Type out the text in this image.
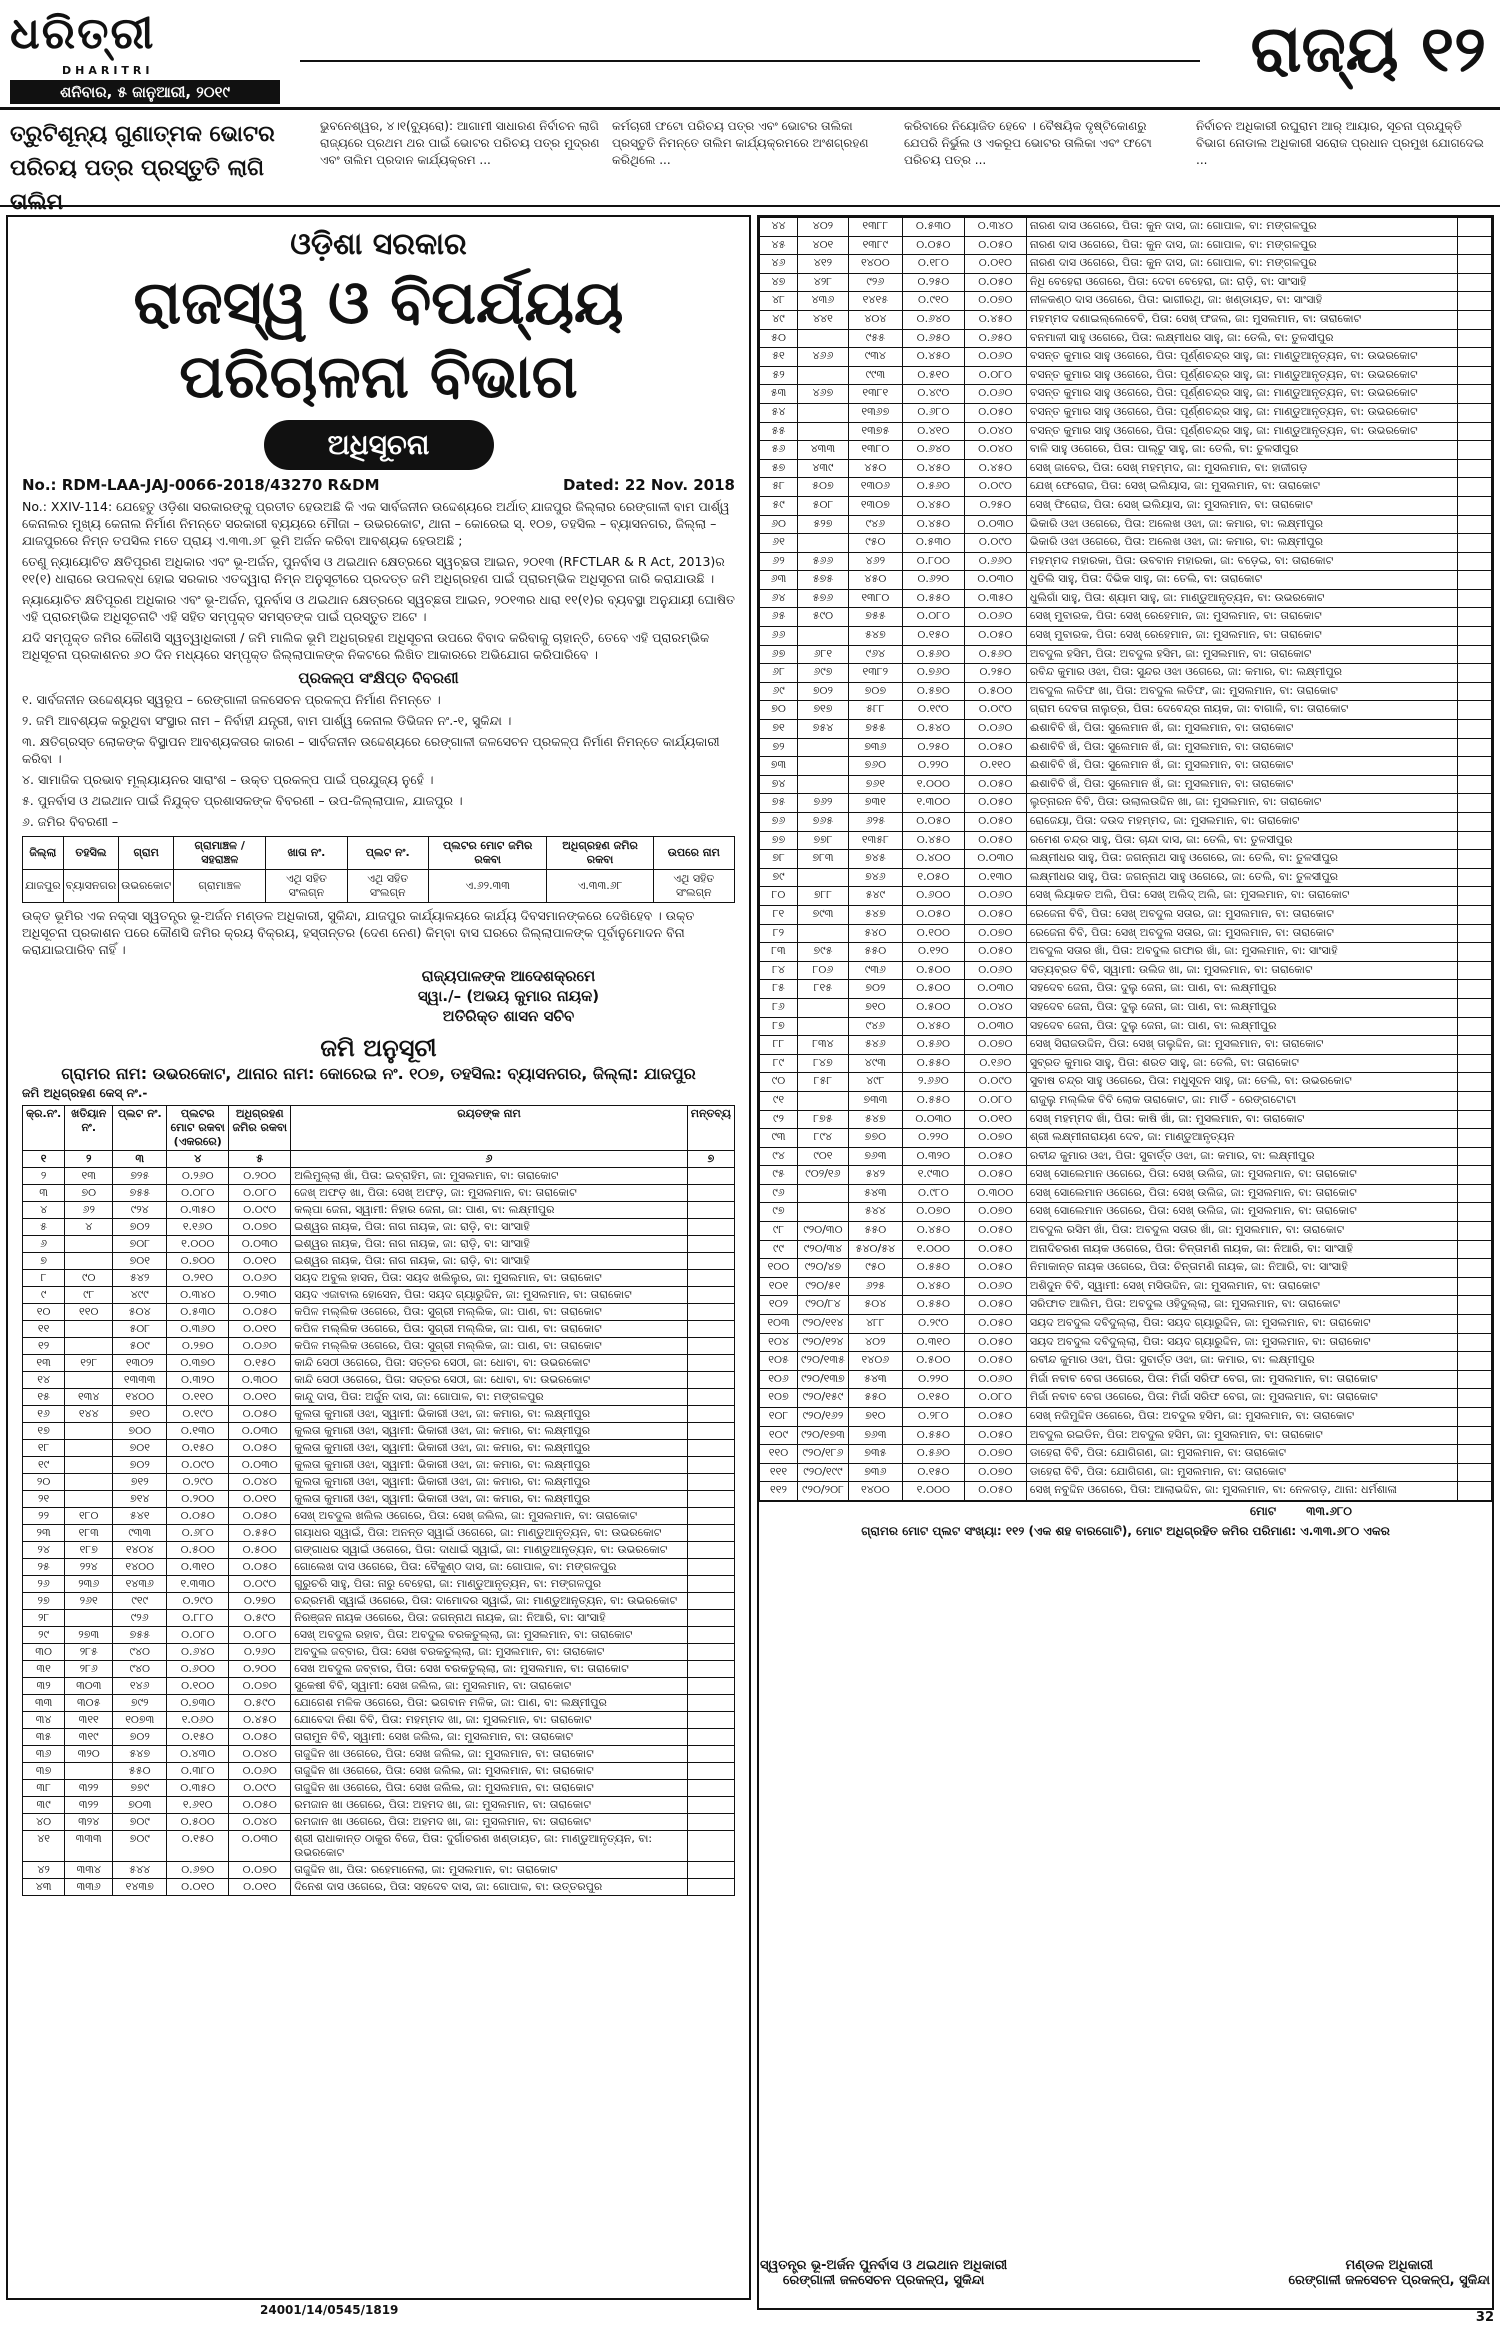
ଧରିତ୍ରୀ
DHARITRI
ଶନିବାର, ୫ ଜାନୁଆରୀ, ୨୦୧୯
ରାଜ୍ୟ ୧୨
ତ୍ରୁଟିଶୂନ୍ୟ ଗୁଣାତ୍ମକ ଭୋଟର ପରିଚୟ ପତ୍ର ପ୍ରସ୍ତୁତି ଲାଗି ତାଲିମ
ଭୁବନେଶ୍ୱର, ୪।୧(ବ୍ୟୁରୋ): ଆଗାମୀ ସାଧାରଣ ନିର୍ବାଚନ ଲାଗି ରାଜ୍ୟରେ ପ୍ରଥମ ଥର ପାଇଁ ଭୋଟର ପରିଚୟ ପତ୍ର ମୁଦ୍ରଣ ଏବଂ ତାଲିମ ପ୍ରଦାନ କାର୍ଯ୍ୟକ୍ରମ ...
କର୍ମଚାରୀ ଫଟୋ ପରିଚୟ ପତ୍ର ଏବଂ ଭୋଟର ତାଲିକା ପ୍ରସ୍ତୁତି ନିମନ୍ତେ ତାଲିମ କାର୍ଯ୍ୟକ୍ରମରେ ଅଂଶଗ୍ରହଣ କରିଥିଲେ ...
କରିବାରେ ନିୟୋଜିତ ହେବେ । ବୈଷୟିକ ଦୃଷ୍ଟିକୋଣରୁ ଯେପରି ନିର୍ଭୁଲ ଓ ଏକରୂପ ଭୋଟର ତାଲିକା ଏବଂ ଫଟୋ ପରିଚୟ ପତ୍ର ...
ନିର୍ବାଚନ ଅଧିକାରୀ ରଘୁରାମ ଆର୍ ଆୟାର, ସୂଚନା ପ୍ରଯୁକ୍ତି ବିଭାଗ ନୋଡାଲ ଅଧିକାରୀ ସରୋଜ ପ୍ରଧାନ ପ୍ରମୁଖ ଯୋଗଦେଇ ...
ଓଡ଼ିଶା ସରକାର
ରାଜସ୍ୱ ଓ ବିପର୍ଯ୍ୟୟ ପରିଚାଳନା ବିଭାଗ
ଅଧିସୂଚନା
No.: RDM-LAA-JAJ-0066-2018/43270 R&DM	Dated: 22 Nov. 2018
No.: XXIV-114: ଯେହେତୁ ଓଡ଼ିଶା ସରକାରଙ୍କୁ ପ୍ରତୀତ ହେଉଅଛି କି ଏକ ସାର୍ବଜନୀନ ଉଦ୍ଦେଶ୍ୟରେ ଅର୍ଥାତ୍ ଯାଜପୁର ଜିଲ୍ଲାର ରେଙ୍ଗାଳୀ ବାମ ପାର୍ଶ୍ୱ କେନାଲର ମୁଖ୍ୟ କେନାଲ ନିର୍ମାଣ ନିମନ୍ତେ ସରକାରୀ ବ୍ୟୟରେ ମୌଜା – ଉଭରକୋଟ, ଥାନା – କୋରେଇ ସ୍. ୧୦୭, ତହସିଲ – ବ୍ୟାସନଗର, ଜିଲ୍ଲା – ଯାଜପୁରରେ ନିମ୍ନ ତପସିଲ ମତେ ପ୍ରାୟ ଏ.୩୩.୬୮ ଭୂମି ଅର୍ଜନ କରିବା ଆବଶ୍ୟକ ହେଉଅଛି ;
ତେଣୁ ନ୍ୟାୟୋଚିତ କ୍ଷତିପୂରଣ ଅଧିକାର ଏବଂ ଭୂ-ଅର୍ଜନ, ପୁନର୍ବାସ ଓ ଥଇଥାନ କ୍ଷେତ୍ରରେ ସ୍ୱଚ୍ଛତା ଆଇନ, ୨୦୧୩ (RFCTLAR & R Act, 2013)ର ୧୧(୧) ଧାରାରେ ଉପଲବ୍ଧ ହୋଇ ସରକାର ଏତଦ୍ୱାରା ନିମ୍ନ ଅନୁସୂଚୀରେ ପ୍ରଦତ୍ତ ଜମି ଅଧିଗ୍ରହଣ ପାଇଁ ପ୍ରାରମ୍ଭିକ ଅଧିସୂଚନା ଜାରି କରାଯାଉଛି ।
ନ୍ୟାୟୋଚିତ କ୍ଷତିପୂରଣ ଅଧିକାର ଏବଂ ଭୂ-ଅର୍ଜନ, ପୁନର୍ବାସ ଓ ଥଇଥାନ କ୍ଷେତ୍ରରେ ସ୍ୱଚ୍ଛତା ଆଇନ, ୨୦୧୩ର ଧାରା ୧୧(୧)ର ବ୍ୟବସ୍ଥା ଅନୁଯାୟୀ ଘୋଷିତ ଏହି ପ୍ରାରମ୍ଭିକ ଅଧିସୂଚନାଟି ଏହି ସହିତ ସମ୍ପୃକ୍ତ ସମସ୍ତଙ୍କ ପାଇଁ ପ୍ରସ୍ତୁତ ଅଟେ ।
ଯଦି ସମ୍ପୃକ୍ତ ଜମିର କୌଣସି ସ୍ୱତ୍ୱାଧିକାରୀ / ଜମି ମାଲିକ ଭୂମି ଅଧିଗ୍ରହଣ ଅଧିସୂଚନା ଉପରେ ବିବାଦ କରିବାକୁ ଚାହାନ୍ତି, ତେବେ ଏହି ପ୍ରାରମ୍ଭିକ ଅଧିସୂଚନା ପ୍ରକାଶନର ୬୦ ଦିନ ମଧ୍ୟରେ ସମ୍ପୃକ୍ତ ଜିଲ୍ଲାପାଳଙ୍କ ନିକଟରେ ଲିଖିତ ଆକାରରେ ଅଭିଯୋଗ କରିପାରିବେ ।
ପ୍ରକଳ୍ପ ସଂକ୍ଷିପ୍ତ ବିବରଣୀ
୧. ସାର୍ବଜନୀନ ଉଦ୍ଦେଶ୍ୟର ସ୍ୱରୂପ – ରେଙ୍ଗାଳୀ ଜଳସେଚନ ପ୍ରକଳ୍ପ ନିର୍ମାଣ ନିମନ୍ତେ ।
୨. ଜମି ଆବଶ୍ୟକ କରୁଥିବା ସଂସ୍ଥାର ନାମ – ନିର୍ବାହୀ ଯନ୍ତ୍ରୀ, ବାମ ପାର୍ଶ୍ୱ କେନାଲ ଡିଭିଜନ ନଂ.-୧, ସୁକିନ୍ଦା ।
୩. କ୍ଷତିଗ୍ରସ୍ତ ଲୋକଙ୍କ ବିସ୍ଥାପନ ଆବଶ୍ୟକତାର କାରଣ – ସାର୍ବଜନୀନ ଉଦ୍ଦେଶ୍ୟରେ ରେଙ୍ଗାଳୀ ଜଳସେଚନ ପ୍ରକଳ୍ପ ନିର୍ମାଣ ନିମନ୍ତେ କାର୍ଯ୍ୟକାରୀ କରିବା ।
୪. ସାମାଜିକ ପ୍ରଭାବ ମୂଲ୍ୟାୟନର ସାରାଂଶ – ଉକ୍ତ ପ୍ରକଳ୍ପ ପାଇଁ ପ୍ରଯୁଜ୍ୟ ନୁହେଁ ।
୫. ପୁନର୍ବାସ ଓ ଥଇଥାନ ପାଇଁ ନିଯୁକ୍ତ ପ୍ରଶାସକଙ୍କ ବିବରଣୀ – ଉପ-ଜିଲ୍ଲାପାଳ, ଯାଜପୁର ।
୬. ଜମିର ବିବରଣୀ –
ଜିଲ୍ଲା	ତହସିଲ	ଗ୍ରାମ	ଗ୍ରାମାଞ୍ଚଳ / ସହରାଞ୍ଚଳ	ଖାତା ନଂ.	ପ୍ଲଟ ନଂ.	ପ୍ଲଟର ମୋଟ ଜମିର ରକବା	ଅଧିଗ୍ରହଣ ଜମିର ରକବା	ଉପରେ ନାମ
ଯାଜପୁର	ବ୍ୟାସନଗର	ଉଭରକୋଟ	ଗ୍ରାମାଞ୍ଚଳ	ଏଥି ସହିତ ସଂଲଗ୍ନ	ଏଥି ସହିତ ସଂଲଗ୍ନ	ଏ.୬୨.୩୩	ଏ.୩୩.୬୮	ଏଥି ସହିତ ସଂଲଗ୍ନ
ଉକ୍ତ ଭୂମିର ଏକ ନକ୍ସା ସ୍ୱତନ୍ତ୍ର ଭୂ-ଅର୍ଜନ ମଣ୍ଡଳ ଅଧିକାରୀ, ସୁକିନ୍ଦା, ଯାଜପୁର କାର୍ଯ୍ୟାଳୟରେ କାର୍ଯ୍ୟ ଦିବସମାନଙ୍କରେ ଦେଖିହେବ । ଉକ୍ତ ଅଧିସୂଚନା ପ୍ରକାଶନ ପରେ କୌଣସି ଜମିର କ୍ରୟ ବିକ୍ରୟ, ହସ୍ତାନ୍ତର (ଦେଣ ନେଣ) କିମ୍ବା ବାସ ଘରରେ ଜିଲ୍ଲାପାଳଙ୍କ ପୂର୍ବାନୁମୋଦନ ବିନା କରାଯାଇପାରିବ ନାହିଁ ।
ରାଜ୍ୟପାଳଙ୍କ ଆଦେଶକ୍ରମେ
ସ୍ୱା./– (ଅଭୟ କୁମାର ନାୟକ)
ଅତିରିକ୍ତ ଶାସନ ସଚିବ
ଜମି ଅନୁସୂଚୀ
ଗ୍ରାମର ନାମ: ଉଭରକୋଟ, ଥାନାର ନାମ: କୋରେଇ ନଂ. ୧୦୭, ତହସିଲ: ବ୍ୟାସନଗର, ଜିଲ୍ଲା: ଯାଜପୁର
ଜମି ଅଧିଗ୍ରହଣ କେସ୍ ନଂ.-
କ୍ର.ନଂ.	ଖତିୟାନ ନଂ.	ପ୍ଲଟ ନଂ.	ପ୍ଲଟର ମୋଟ ରକବା (ଏକରରେ)	ଅଧିଗ୍ରହଣ ଜମିର ରକବା	ରୟତଙ୍କ ନାମ	ମନ୍ତବ୍ୟ
୧	୨	୩	୪	୫	୬	୭
୨	୧୩	୭୨୫	୦.୨୬୦	୦.୨୦୦	ଅଲିମୁଲ୍ଲା ଖାଁ, ପିତା: ଇବ୍ରାହିମ, ଜା: ମୁସଲମାନ, ବା: ତାରାକୋଟ	
୩	୭୦	୭୫୫	୦.୦୮୦	୦.୦୮୦	ଜେଖ୍ ଅଫଡ଼ ଖା, ପିତା: ସେଖ୍ ଅଫଡ଼, ଜା: ମୁସଲମାନ, ବା: ତାରାକୋଟ	
୪	୬୨	୯୨୪	୦.୩୫୦	୦.୦୯୦	କଲ୍ପା ଜେନା, ସ୍ୱାମୀ: ନିହାର ଜେନା, ଜା: ପାଣ, ବା: ଲକ୍ଷ୍ମୀପୁର	
୫	୪	୭୦୨	୧.୧୬୦	୦.୦୭୦	ଇଶ୍ୱର ନାୟକ, ପିତା: ନାଗ ନାୟକ, ଜା: ରାଡ଼ି, ବା: ସାଂସାହି	
୬		୭୦୮	୧.୦୦୦	୦.୦୩୦	ଇଶ୍ୱର ନାୟକ, ପିତା: ନାଗ ନାୟକ, ଜା: ରାଡ଼ି, ବା: ସାଂସାହି	
୭		୭୦୧	୦.୭୦୦	୦.୦୧୦	ଇଶ୍ୱର ନାୟକ, ପିତା: ନାଗ ନାୟକ, ଜା: ରାଡ଼ି, ବା: ସାଂସାହି	
୮	୯୦	୫୪୨	୦.୨୧୦	୦.୦୬୦	ସୟଦ ଅବୁଲ ହାସନ, ପିତା: ସୟଦ ଖଲିଲୁର, ଜା: ମୁସଲମାନ, ବା: ତାରାକୋଟ	
୯	୯୮	୪୯୯	୦.୩୪୦	୦.୨୩୦	ସୟଦ ଏଜାବାଲ ହୋସେନ, ପିତା: ସୟଦ ଗ୍ୟାରୁଦ୍ଦିନ, ଜା: ମୁସଲମାନ, ବା: ତାରାକୋଟ	
୧୦	୧୧୦	୫୦୪	୦.୫୩୦	୦.୦୫୦	କପିଳ ମଲ୍ଲିକ ଓଗେରେ, ପିତା: ସୁଗ୍ରୀ ମଲ୍ଲିକ, ଜା: ପାଣ, ବା: ତାରାକୋଟ	
୧୧		୫୦୮	୦.୩୬୦	୦.୦୧୦	କପିଳ ମଲ୍ଲିକ ଓଗେରେ, ପିତା: ସୁଗ୍ରୀ ମଲ୍ଲିକ, ଜା: ପାଣ, ବା: ତାରାକୋଟ	
୧୨		୫୦୯	୦.୨୭୦	୦.୦୬୦	କପିଳ ମଲ୍ଲିକ ଓଗେରେ, ପିତା: ସୁଗ୍ରୀ ମଲ୍ଲିକ, ଜା: ପାଣ, ବା: ତାରାକୋଟ	
୧୩	୧୨୮	୧୩୦୨	୦.୩୭୦	୦.୧୫୦	କାନ୍ଦି ସେଠୀ ଓଗେରେ, ପିତା: ସତ୍ତର ସେଠୀ, ଜା: ଧୋବା, ବା: ଉଭରକୋଟ	
୧୪		୧୩୩୩	୦.୩୨୦	୦.୩୦୦	କାନ୍ଦି ସେଠୀ ଓଗେରେ, ପିତା: ସତ୍ତର ସେଠୀ, ଜା: ଧୋବା, ବା: ଉଭରକୋଟ	
୧୫	୧୩୪	୧୪୦୦	୦.୧୧୦	୦.୦୧୦	କାନ୍ଦୁ ଦାସ, ପିତା: ଅର୍ଜୁନ ଦାସ, ଜା: ଗୋପାଳ, ବା: ମଙ୍ଗଳପୁର	
୧୬	୧୪୪	୭୧୦	୦.୧୯୦	୦.୦୫୦	କୁଲତା କୁମାରୀ ଓଝା, ସ୍ୱାମୀ: ଭିକାରୀ ଓଝା, ଜା: କମାର, ବା: ଲକ୍ଷ୍ମୀପୁର	
୧୭		୭୦୦	୦.୧୩୦	୦.୦୩୦	କୁଲତା କୁମାରୀ ଓଝା, ସ୍ୱାମୀ: ଭିକାରୀ ଓଝା, ଜା: କମାର, ବା: ଲକ୍ଷ୍ମୀପୁର	
୧୮		୭୦୧	୦.୧୫୦	୦.୦୫୦	କୁଲତା କୁମାରୀ ଓଝା, ସ୍ୱାମୀ: ଭିକାରୀ ଓଝା, ଜା: କମାର, ବା: ଲକ୍ଷ୍ମୀପୁର	
୧୯		୭୦୨	୦.୦୯୦	୦.୦୩୦	କୁଲତା କୁମାରୀ ଓଝା, ସ୍ୱାମୀ: ଭିକାରୀ ଓଝା, ଜା: କମାର, ବା: ଲକ୍ଷ୍ମୀପୁର	
୨୦		୭୧୨	୦.୨୯୦	୦.୦୪୦	କୁଲତା କୁମାରୀ ଓଝା, ସ୍ୱାମୀ: ଭିକାରୀ ଓଝା, ଜା: କମାର, ବା: ଲକ୍ଷ୍ମୀପୁର	
୨୧		୭୧୪	୦.୨୦୦	୦.୦୧୦	କୁଲତା କୁମାରୀ ଓଝା, ସ୍ୱାମୀ: ଭିକାରୀ ଓଝା, ଜା: କମାର, ବା: ଲକ୍ଷ୍ମୀପୁର	
୨୨	୧୮୦	୫୪୧	୦.୦୫୦	୦.୦୫୦	ସେଖ୍ ଅବଦୁଲ ଖଲିଲ ଓଗେରେ, ପିତା: ସେଖ୍ ଜଲିଲ, ଜା: ମୁସଲମାନ, ବା: ତାରାକୋଟ	
୨୩	୧୮୩	୯୩୩	୦.୬୮୦	୦.୫୫୦	ଗୟାଧର ସ୍ୱାଇଁ, ପିତା: ଅନନ୍ତ ସ୍ୱାଇଁ ଓଗେରେ, ଜା: ମାଣ୍ଡୁଆନୃତ୍ୟନ, ବା: ଉଭରକୋଟ	
୨୪	୧୮୭	୧୪୦୪	୦.୫୦୦	୦.୫୦୦	ଗଙ୍ଗାଧର ସ୍ୱାଇଁ ଓଗେରେ, ପିତା: ଦାଧାଇଁ ସ୍ୱାଇଁ, ଜା: ମାଣ୍ଡୁଆନୃତ୍ୟନ, ବା: ଉଭରକୋଟ	
୨୫	୨୨୪	୧୪୦୦	୦.୩୧୦	୦.୦୫୦	ଗୋଲେଖ ଦାସ ଓଗେରେ, ପିତା: ବୈକୁଣ୍ଠ ଦାସ, ଜା: ଗୋପାଳ, ବା: ମଙ୍ଗଳପୁର	
୨୬	୨୩୬	୧୪୩୬	୧.୩୩୦	୦.୦୯୦	ଗୁରୁଚରି ସାହୁ, ପିତା: ନାରୁ ବେହେରା, ଜା: ମାଣ୍ଡୁଆନୃତ୍ୟନ, ବା: ମଙ୍ଗଳପୁର	
୨୭	୨୬୧	୯୧୯	୦.୨୯୦	୦.୨୭୦	ଚନ୍ଦ୍ରମଣି ସ୍ୱାଇଁ ଓଗେରେ, ପିତା: ଦାମୋଦର ସ୍ୱାଇଁ, ଜା: ମାଣ୍ଡୁଆନୃତ୍ୟନ, ବା: ଉଭରକୋଟ	
୨୮		୯୨୬	୦.୮୮୦	୦.୫୯୦	ନିରଞ୍ଜନ ନାୟକ ଓଗେରେ, ପିତା: ଜଗନ୍ନାଥ ନାୟକ, ଜା: ନିଆରି, ବା: ସାଂସାହି	
୨୯	୨୭୩	୭୫୫	୦.୦୮୦	୦.୦୮୦	ସେଖ୍ ଅବଦୁଲ ରହାବ, ପିତା: ଅବଦୁଲ ବରକତୁଲ୍ଲା, ଜା: ମୁସଲମାନ, ବା: ତାରାକୋଟ	
୩୦	୨୮୫	୯୪୦	୦.୬୪୦	୦.୨୬୦	ଅବଦୁଲ ଜବ୍ବାର, ପିତା: ସେଖ ବରକତୁଲ୍ଲା, ଜା: ମୁସଲମାନ, ବା: ତାରାକୋଟ	
୩୧	୨୮୬	୯୪୦	୦.୬୦୦	୦.୨୦୦	ସେଖ ଅବଦୁଲ ଜବ୍ବାର, ପିତା: ସେଖ ବରକତୁଲ୍ଲା, ଜା: ମୁସଲମାନ, ବା: ତାରାକୋଟ	
୩୨	୩୦୩	୧୪୬	୦.୧୦୦	୦.୦୭୦	ସୁକେଷୀ ବିବି, ସ୍ୱାମୀ: ସେଖ ଜଲିଲ, ଜା: ମୁସଲମାନ, ବା: ତାରାକୋଟ	
୩୩	୩୦୫	୭୯୨	୦.୭୩୦	୦.୫୯୦	ଯୋଗେଶ ମଳିକ ଓଗେରେ, ପିତା: ଭଗବାନ ମଳିକ, ଜା: ପାଣ, ବା: ଲକ୍ଷ୍ମୀପୁର	
୩୪	୩୧୧	୧୦୭୩	୧.୦୬୦	୦.୪୫୦	ଯୋବେଦା ନିଶା ବିବି, ପିତା: ମହମ୍ମଦ ଖା, ଜା: ମୁସଲମାନ, ବା: ତାରାକୋଟ	
୩୫	୩୧୯	୭୦୨	୦.୧୫୦	୦.୦୫୦	ତାରାମୁନ ବିବି, ସ୍ୱାମୀ: ସେଖ ଜଲିଲ, ଜା: ମୁସଲମାନ, ବା: ତାରାକୋଟ	
୩୬	୩୨୦	୫୪୭	୦.୪୩୦	୦.୦୪୦	ତାଜୁଦ୍ଦିନ ଖା ଓଗେରେ, ପିତା: ସେଖ ଜଲିଲ, ଜା: ମୁସଲମାନ, ବା: ତାରାକୋଟ	
୩୭		୫୫୦	୦.୩୮୦	୦.୦୬୦	ତାଜୁଦ୍ଦିନ ଖା ଓଗେରେ, ପିତା: ସେଖ ଜଲିଲ, ଜା: ମୁସଲମାନ, ବା: ତାରାକୋଟ	
୩୮	୩୨୨	୭୭୯	୦.୩୫୦	୦.୦୯୦	ତାଜୁଦ୍ଦିନ ଖା ଓଗେରେ, ପିତା: ସେଖ ଜଲିଲ, ଜା: ମୁସଲମାନ, ବା: ତାରାକୋଟ	
୩୯	୩୨୨	୭୦୩	୧.୬୧୦	୦.୦୫୦	ରମଜାନ ଖା ଓଗେରେ, ପିତା: ଅହମଦ ଖା, ଜା: ମୁସଲମାନ, ବା: ତାରାକୋଟ	
୪୦	୩୨୪	୭୦୯	୦.୫୦୦	୦.୦୪୦	ରମଜାନ ଖା ଓଗେରେ, ପିତା: ଅହମଦ ଖା, ଜା: ମୁସଲମାନ, ବା: ତାରାକୋଟ	
୪୧	୩୩୩	୭୦୯	୦.୧୫୦	୦.୦୩୦	ଶ୍ରୀ ରାଧାକାନ୍ତ ଠାକୁର ବିଜେ, ପିତା: ଦୁର୍ଗାଚରଣ ଖଣ୍ଡାୟତ, ଜା: ମାଣ୍ଡୁଆନୃତ୍ୟନ, ବା: ଉଭରକୋଟ	
୪୨	୩୩୪	୫୪୪	୦.୬୭୦	୦.୦୭୦	ତାଜୁଦ୍ଦିନ ଖା, ପିତା: ରହେମାନେଲା, ଜା: ମୁସଲମାନ, ବା: ତାରାକୋଟ	
୪୩	୩୩୬	୧୪୩୭	୦.୦୧୦	୦.୦୧୦	ଦିନେଶ ଦାସ ଓଗେରେ, ପିତା: ସହଦେବ ଦାସ, ଜା: ଗୋପାଳ, ବା: ଉତ୍ତରପୁର	
୪୪	୪୦୨	୧୩୮୮	୦.୫୩୦	୦.୩୪୦	ନାରଣ ଦାସ ଓଗେରେ, ପିତା: କୁନ ଦାସ, ଜା: ଗୋପାଳ, ବା: ମଙ୍ଗଳପୁର	
୪୫	୪୦୧	୧୩୮୯	୦.୦୫୦	୦.୦୫୦	ନାରଣ ଦାସ ଓଗେରେ, ପିତା: କୁନ ଦାସ, ଜା: ଗୋପାଳ, ବା: ମଙ୍ଗଳପୁର	
୪୬	୪୧୨	୧୪୦୦	୦.୧୮୦	୦.୦୧୦	ନାରଣ ଦାସ ଓଗେରେ, ପିତା: କୁନ ଦାସ, ଜା: ଗୋପାଳ, ବା: ମଙ୍ଗଳପୁର	
୪୭	୪୨୮	୯୨୬	୦.୨୫୦	୦.୦୫୦	ନିଧି ବେହେରା ଓଗେରେ, ପିତା: ଦେବା ବେହେରା, ଜା: ରାଡ଼ି, ବା: ସାଂସାହି	
୪୮	୪୩୬	୧୪୧୫	୦.୯୧୦	୦.୦୭୦	ନୀଳକଣ୍ଠ ଦାସ ଓଗେରେ, ପିତା: ଭାଗୀରଥି, ଜା: ଖଣ୍ଡାୟତ, ବା: ସାଂସାହି	
୪୯	୪୪୧	୪୦୪	୦.୬୪୦	୦.୪୫୦	ମହମ୍ମଦ ଦଣାଇଲ୍ଲେବେବି, ପିତା: ସେଖ୍ ଫଜଲ, ଜା: ମୁସଲମାନ, ବା: ତାରାକୋଟ	
୫୦		୯୫୫	୦.୬୫୦	୦.୬୫୦	ବନମାଳୀ ସାହୁ ଓଗେରେ, ପିତା: ଲକ୍ଷ୍ମୀଧର ସାହୁ, ଜା: ତେଲି, ବା: ତୁଳସୀପୁର	
୫୧	୪୬୬	୯୩୪	୦.୪୫୦	୦.୦୬୦	ବସନ୍ତ କୁମାର ସାହୁ ଓଗେରେ, ପିତା: ପୂର୍ଣ୍ଣଚନ୍ଦ୍ର ସାହୁ, ଜା: ମାଣ୍ଡୁଆନୃତ୍ୟନ, ବା: ଉଭରକୋଟ	
୫୨		୯୯୩	୦.୫୧୦	୦.୦୮୦	ବସନ୍ତ କୁମାର ସାହୁ ଓଗେରେ, ପିତା: ପୂର୍ଣ୍ଣଚନ୍ଦ୍ର ସାହୁ, ଜା: ମାଣ୍ଡୁଆନୃତ୍ୟନ, ବା: ଉଭରକୋଟ	
୫୩	୪୬୭	୧୩୮୧	୦.୪୯୦	୦.୦୬୦	ବସନ୍ତ କୁମାର ସାହୁ ଓଗେରେ, ପିତା: ପୂର୍ଣ୍ଣଚନ୍ଦ୍ର ସାହୁ, ଜା: ମାଣ୍ଡୁଆନୃତ୍ୟନ, ବା: ଉଭରକୋଟ	
୫୪		୧୩୬୭	୦.୬୮୦	୦.୦୫୦	ବସନ୍ତ କୁମାର ସାହୁ ଓଗେରେ, ପିତା: ପୂର୍ଣ୍ଣଚନ୍ଦ୍ର ସାହୁ, ଜା: ମାଣ୍ଡୁଆନୃତ୍ୟନ, ବା: ଉଭରକୋଟ	
୫୫		୧୩୭୫	୦.୪୧୦	୦.୦୪୦	ବସନ୍ତ କୁମାର ସାହୁ ଓଗେରେ, ପିତା: ପୂର୍ଣ୍ଣଚନ୍ଦ୍ର ସାହୁ, ଜା: ମାଣ୍ଡୁଆନୃତ୍ୟନ, ବା: ଉଭରକୋଟ	
୫୬	୪୩୩	୧୩୮୦	୦.୬୪୦	୦.୦୪୦	ବାଳି ସାହୁ ଓଗେରେ, ପିତା: ପାଲ୍ଟୁ ସାହୁ, ଜା: ତେଲି, ବା: ତୁଳସୀପୁର	
୫୭	୪୩୯	୪୫୦	୦.୪୫୦	୦.୪୫୦	ସେଖ୍ ଜାବେର, ପିତା: ସେଖ୍ ମହମ୍ମଦ, ଜା: ମୁସଲମାନ, ବା: ହାଜୀଗଡ଼	
୫୮	୫୦୭	୧୩୦୬	୦.୫୬୦	୦.୦୯୦	ଯେଖ୍ ଫେରୋଜ, ପିତା: ସେଖ୍ ଇଲିୟାସ, ଜା: ମୁସଲମାନ, ବା: ତାରାକୋଟ	
୫୯	୫୦୮	୧୩୦୭	୦.୪୫୦	୦.୨୫୦	ସେଖ୍ ଫିରୋଜ, ପିତା: ସେଖ୍ ଇଲିୟାସ, ଜା: ମୁସଲମାନ, ବା: ତାରାକୋଟ	
୬୦	୫୨୭	୯୪୬	୦.୪୫୦	୦.୦୩୦	ଭିକାରି ଓଝା ଓଗେରେ, ପିତା: ଅଲେଖ ଓଝା, ଜା: କମାର, ବା: ଲକ୍ଷ୍ମୀପୁର	
୬୧		୯୫୦	୦.୫୩୦	୦.୦୯୦	ଭିକାରି ଓଝା ଓଗେରେ, ପିତା: ଅଲେଖ ଓଝା, ଜା: କମାର, ବା: ଲକ୍ଷ୍ମୀପୁର	
୬୨	୫୬୬	୪୬୨	୦.୮୦୦	୦.୬୬୦	ମହମ୍ମଦ ମହାରକା, ପିତା: ଉବବାନ ମହାରକା, ଜା: ବଡ଼େଇ, ବା: ତାରାକୋଟ	
୬୩	୫୭୫	୪୫୦	୦.୬୨୦	୦.୦୩୦	ଧୁତିଲି ସାହୁ, ପିତା: ଦିଭିକ ସାହୁ, ଜା: ତେଲି, ବା: ତାରାକୋଟ	
୬୪	୫୭୬	୧୩୮୦	୦.୫୫୦	୦.୩୫୦	ଧୁଲିଗାଁ ସାହୁ, ପିତା: ଶ୍ୟାମ ସାହୁ, ଜା: ମାଣ୍ଡୁଆନୃତ୍ୟନ, ବା: ଉଭରକୋଟ	
୬୫	୫୯୦	୭୫୫	୦.୦୮୦	୦.୦୬୦	ସେଖ୍ ମୁବାରକ, ପିତା: ସେଖ୍ ରେହେମାନ, ଜା: ମୁସଲମାନ, ବା: ତାରାକୋଟ	
୬୬		୫୪୭	୦.୧୫୦	୦.୦୫୦	ସେଖ୍ ମୁବାରକ, ପିତା: ସେଖ୍ ରେହେମାନ, ଜା: ମୁସଲମାନ, ବା: ତାରାକୋଟ	
୬୭	୬୮୧	୯୬୪	୦.୫୬୦	୦.୫୬୦	ଅବଦୁଲ ହସିମ, ପିତା: ଅବଦୁଲ ହସିମ, ଜା: ମୁସଲମାନ, ବା: ତାରାକୋଟ	
୬୮	୬୯୭	୧୩୮୨	୦.୭୬୦	୦.୨୫୦	ରବିନ୍ଦ କୁମାର ଓଝା, ପିତା: ସୁନ୍ଦର ଓଝା ଓଗେରେ, ଜା: କମାର, ବା: ଲକ୍ଷ୍ମୀପୁର	
୬୯	୭୦୨	୭୦୭	୦.୫୭୦	୦.୫୦୦	ଅବଦୁଲ ଲତିଫ ଖା, ପିତା: ଅବଦୁଲ ଲତିଫ, ଜା: ମୁସଲମାନ, ବା: ତାରାକୋଟ	
୭୦	୭୧୭	୫୮୮	୦.୧୯୦	୦.୦୯୦	ଗ୍ରାମ ଦେବତା ନାଲୁତ୍ର, ପିତା: ଦେବେନ୍ଦ୍ର ନାୟକ, ଜା: ବାଗାଳି, ବା: ତାରାକୋଟ	
୭୧	୭୫୪	୭୫୫	୦.୫୪୦	୦.୦୬୦	ଈଶାବିବି ଖଁ, ପିତା: ସୁଲେମାନ ଖଁ, ଜା: ମୁସଲମାନ, ବା: ତାରାକୋଟ	
୭୨		୭୩୬	୦.୨୫୦	୦.୦୫୦	ଈଶାବିବି ଖଁ, ପିତା: ସୁଲେମାନ ଖଁ, ଜା: ମୁସଲମାନ, ବା: ତାରାକୋଟ	
୭୩		୭୬୦	୦.୨୨୦	୦.୧୧୦	ଈଶାବିବି ଖଁ, ପିତା: ସୁଲେମାନ ଖଁ, ଜା: ମୁସଲମାନ, ବା: ତାରାକୋଟ	
୭୪		୭୬୧	୧.୦୦୦	୦.୦୫୦	ଈଶାବିବି ଖଁ, ପିତା: ସୁଲେମାନ ଖଁ, ଜା: ମୁସଲମାନ, ବା: ତାରାକୋଟ	
୭୫	୭୬୨	୭୩୧	୧.୩୦୦	୦.୦୫୦	ଲୁତ୍ନାରନ ବିବି, ପିତା: ଉଲାଲଉଦ୍ଦିନ ଖା, ଜା: ମୁସଲମାନ, ବା: ତାରାକୋଟ	
୭୬	୭୬୫	୬୨୫	୦.୦୫୦	୦.୦୫୦	ରୋଜେୟା, ପିତା: ଦଉଦ ମହମ୍ମଦ, ଜା: ମୁସଲମାନ, ବା: ତାରାକୋଟ	
୭୭	୭୭୮	୧୩୫୮	୦.୪୫୦	୦.୦୫୦	ରମେଶ ଚନ୍ଦ୍ର ସାହୁ, ପିତା: ଚାନ୍ଦା ଦାସ, ଜା: ତେଲି, ବା: ତୁଳସୀପୁର	
୭୮	୭୮୩	୭୪୫	୦.୪୦୦	୦.୦୩୦	ଲକ୍ଷ୍ମୀଧର ସାହୁ, ପିତା: ଜଗନ୍ନାଥ ସାହୁ ଓଗେରେ, ଜା: ତେଲି, ବା: ତୁଳସୀପୁର	
୭୯		୭୪୬	୧.୦୫୦	୦.୧୩୦	ଲକ୍ଷ୍ମୀଧର ସାହୁ, ପିତା: ଜଗନ୍ନାଥ ସାହୁ ଓଗେରେ, ଜା: ତେଲି, ବା: ତୁଳସୀପୁର	
୮୦	୭୮୮	୫୪୯	୦.୬୦୦	୦.୦୬୦	ସେଖ୍ ଲିୟାକତ ଅଲି, ପିତା: ସେଖ୍ ଅଲିଦ୍ ଅଲି, ଜା: ମୁସଲମାନ, ବା: ତାରାକୋଟ	
୮୧	୭୯୩	୫୪୭	୦.୦୫୦	୦.୦୫୦	ରେଜେନା ବିବି, ପିତା: ସେଖ୍ ଅବଦୁଲ ସତାର, ଜା: ମୁସଲମାନ, ବା: ତାରାକୋଟ	
୮୨		୫୪୦	୦.୧୦୦	୦.୦୭୦	ରେଜେନା ବିବି, ପିତା: ସେଖ୍ ଅବଦୁଲ ସତାର, ଜା: ମୁସଲମାନ, ବା: ତାରାକୋଟ	
୮୩	୭୯୫	୫୫୦	୦.୧୨୦	୦.୦୫୦	ଅବଦୁଲ ସତାର ଖାଁ, ପିତା: ଅବଦୁଲ ଗଫାର ଖାଁ, ଜା: ମୁସଲମାନ, ବା: ସାଂସାହି	
୮୪	୮୦୬	୯୩୬	୦.୫୦୦	୦.୦୬୦	ସତ୍ୟବ୍ରତ ବିବି, ସ୍ୱାମୀ: ଉଲିଜ ଖା, ଜା: ମୁସଲମାନ, ବା: ତାରାକୋଟ	
୮୫	୮୧୫	୭୦୨	୦.୫୦୦	୦.୦୩୦	ସହଦେବ ଜେନା, ପିତା: ଦୁଲୁ ଜେନା, ଜା: ପାଣ, ବା: ଲକ୍ଷ୍ମୀପୁର	
୮୬		୭୧୦	୦.୫୦୦	୦.୦୪୦	ସହଦେବ ଜେନା, ପିତା: ଦୁଲୁ ଜେନା, ଜା: ପାଣ, ବା: ଲକ୍ଷ୍ମୀପୁର	
୮୭		୯୪୬	୦.୪୫୦	୦.୦୩୦	ସହଦେବ ଜେନା, ପିତା: ଦୁଲୁ ଜେନା, ଜା: ପାଣ, ବା: ଲକ୍ଷ୍ମୀପୁର	
୮୮	୮୩୪	୫୪୬	୦.୫୬୦	୦.୦୭୦	ସେଖ୍ ସିରାଜଉଦ୍ଦିନ, ପିତା: ସେଖ୍ ତାଲୁଦ୍ଦିନ, ଜା: ମୁସଲମାନ, ବା: ତାରାକୋଟ	
୮୯	୮୪୭	୪୯୩	୦.୫୫୦	୦.୧୬୦	ସୁବ୍ରତ କୁମାର ସାହୁ, ପିତା: ଶରତ ସାହୁ, ଜା: ତେଲି, ବା: ତାରାକୋଟ	
୯୦	୮୫୮	୪୯୮	୨.୬୬୦	୦.୦୯୦	ସୁବାଷ ଚନ୍ଦ୍ର ସାହୁ ଓଗେରେ, ପିତା: ମଧୁସୂଦନ ସାହୁ, ଜା: ତେଲି, ବା: ଉଭରକୋଟ	
୯୧		୭୩୩	୦.୫୫୦	୦.୦୮୦	ରାଜୁଲୁ ମଲ୍ଲିକ ବିବି ଲୋକ ତାରାକୋଟ, ଜା: ମାର୍ଡି - ରେଙ୍ଗଟୋଟା	
୯୨	୮୭୫	୫୪୭	୦.୦୩୦	୦.୦୧୦	ସେଖ୍ ମହମ୍ମଦ ଖାଁ, ପିତା: କାଷି ଖାଁ, ଜା: ମୁସଲମାନ, ବା: ତାରାକୋଟ	
୯୩	୮୯୪	୭୭୦	୦.୨୨୦	୦.୦୭୦	ଶ୍ରୀ ଲକ୍ଷ୍ମୀନାରାୟଣ ଦେବ, ଜା: ମାଣ୍ଡୁଆନୃତ୍ୟନ	
୯୪	୯୦୧	୭୬୩	୦.୩୨୦	୦.୦୫୦	ରବୀନ୍ଦ କୁମାର ଓଝା, ପିତା: ସୁବାର୍ତ୍ତ ଓଝା, ଜା: କମାର, ବା: ଲକ୍ଷ୍ମୀପୁର	
୯୫	୯୦୨/୧୬	୫୪୨	୧.୯୩୦	୦.୦୫୦	ସେଖ୍ ସୋଲେମାନ ଓଗେରେ, ପିତା: ସେଖ୍ ଉଲିଜ, ଜା: ମୁସଲମାନ, ବା: ତାରାକୋଟ	
୯୬		୫୪୩	୦.୯୮୦	୦.୩୦୦	ସେଖ୍ ସୋଲେମାନ ଓଗେରେ, ପିତା: ସେଖ୍ ଉଲିଜ, ଜା: ମୁସଲମାନ, ବା: ତାରାକୋଟ	
୯୭		୫୪୪	୦.୦୭୦	୦.୦୭୦	ସେଖ୍ ସୋଲେମାନ ଓଗେରେ, ପିତା: ସେଖ୍ ଉଲିଜ, ଜା: ମୁସଲମାନ, ବା: ତାରାକୋଟ	
୯୮	୯୨୦/୩୦	୫୫୦	୦.୪୫୦	୦.୦୫୦	ଅବଦୁଲ ରସିମ ଖାଁ, ପିତା: ଅବଦୁଲ ସତାର ଖାଁ, ଜା: ମୁସଲମାନ, ବା: ତାରାକୋଟ	
୯୯	୯୨୦/୩୪	୫୪୦/୫୪	୧.୦୦୦	୦.୦୫୦	ଅନାଦିଚରଣ ନାୟକ ଓଗେରେ, ପିତା: ଚିନ୍ତାମଣି ନାୟକ, ଜା: ନିଆରି, ବା: ସାଂସାହି	
୧୦୦	୯୨୦/୪୭	୯୫୦	୦.୫୫୦	୦.୦୫୦	ନିମାକାନ୍ତ ନାୟକ ଓଗେରେ, ପିତା: ଚିନ୍ତାମଣି ନାୟକ, ଜା: ନିଆରି, ବା: ସାଂସାହି	
୧୦୧	୯୨୦/୫୧	୬୨୫	୦.୪୫୦	୦.୦୬୦	ଅଶିଦୁନ ବିବି, ସ୍ୱାମୀ: ସେଖ୍ ମସିଉଦ୍ଦିନ, ଜା: ମୁସଲମାନ, ବା: ତାରାକୋଟ	
୧୦୨	୯୨୦/୮୪	୫୦୪	୦.୫୫୦	୦.୦୫୦	ସରିଫାତ ଆଲିମ, ପିତା: ଅବଦୁଲ ଓହିଦୁଲ୍ଲା, ଜା: ମୁସଲମାନ, ବା: ତାରାକୋଟ	
୧୦୩	୯୨୦/୧୧୪	୪୮୮	୦.୨୯୦	୦.୦୫୦	ସୟଦ ଅବଦୁଲ ଦବିଦୁଲ୍ଲା, ପିତା: ସୟଦ ଗ୍ୟାରୁଦ୍ଦିନ, ଜା: ମୁସଲମାନ, ବା: ତାରାକୋଟ	
୧୦୪	୯୨୦/୧୨୪	୪୦୨	୦.୩୧୦	୦.୦୫୦	ସୟଦ ଅବଦୁଲ ଦବିଦୁଲ୍ଲା, ପିତା: ସୟଦ ଗ୍ୟାରୁଦ୍ଦିନ, ଜା: ମୁସଲମାନ, ବା: ତାରାକୋଟ	
୧୦୫	୯୨୦/୧୩୫	୧୪୦୬	୦.୫୦୦	୦.୦୫୦	ରବୀନ୍ଦ କୁମାର ଓଝା, ପିତା: ସୁବାର୍ତ୍ତ ଓଝା, ଜା: କମାର, ବା: ଲକ୍ଷ୍ମୀପୁର	
୧୦୬	୯୨୦/୧୩୭	୫୪୩	୦.୨୨୦	୦.୦୬୦	ମିର୍ଜା ନବାବ ବେଗ ଓଗେରେ, ପିତା: ମିର୍ଜା ସରିଫ ବେଗ, ଜା: ମୁସଲମାନ, ବା: ତାରାକୋଟ	
୧୦୭	୯୨୦/୧୫୯	୫୫୦	୦.୧୫୦	୦.୦୮୦	ମିର୍ଜା ନବାବ ବେଗ ଓଗେରେ, ପିତା: ମିର୍ଜା ସରିଫ ବେଗ, ଜା: ମୁସଲମାନ, ବା: ତାରାକୋଟ	
୧୦୮	୯୨୦/୧୬୨	୭୧୦	୦.୨୮୦	୦.୦୫୦	ସେଖ୍ ନଜିମୁଦ୍ଦିନ ଓଗେରେ, ପିତା: ଅବଦୁଲ ହସିମ, ଜା: ମୁସଲମାନ, ବା: ତାରାକୋଟ	
୧୦୯	୯୨୦/୧୭୩	୭୬୩	୦.୫୫୦	୦.୦୫୦	ଅବଦୁଲ ରଇଡିନ, ପିତା: ଅବଦୁଲ ହସିମ, ଜା: ମୁସଲମାନ, ବା: ତାରାକୋଟ	
୧୧୦	୯୨୦/୧୮୬	୭୩୫	୦.୫୬୦	୦.୦୭୦	ଡାହେରା ବିବି, ପିତା: ଯୋଗିଗଣ, ଜା: ମୁସଲମାନ, ବା: ତାରାକୋଟ	
୧୧୧	୯୨୦/୧୯୯	୭୩୬	୦.୧୫୦	୦.୦୭୦	ଡାହେରା ବିବି, ପିତା: ଯୋଗିଗଣ, ଜା: ମୁସଲମାନ, ବା: ତାରାକୋଟ	
୧୧୨	୯୨୦/୨୦୮	୧୪୦୦	୧.୦୦୦	୦.୦୫୦	ସେଖ୍ ନବୁଦ୍ଦିନ ଓଗେରେ, ପିତା: ଆଲାଭଦ୍ଦିନ, ଜା: ମୁସଲମାନ, ବା: ନେଳଗଡ଼, ଥାନା: ଧର୍ମଶାଳା	
ମୋଟ	୩୩.୬୮୦
ଗ୍ରାମର ମୋଟ ପ୍ଲଟ ସଂଖ୍ୟା: ୧୧୨ (ଏକ ଶହ ବାରଗୋଟି), ମୋଟ ଅଧିଗ୍ରହିତ ଜମିର ପରିମାଣ: ଏ.୩୩.୬୮୦ ଏକର
ସ୍ୱତନ୍ତ୍ର ଭୂ-ଅର୍ଜନ ପୁନର୍ବାସ ଓ ଥଇଥାନ ଅଧିକାରୀ
ରେଙ୍ଗାଳୀ ଜଳସେଚନ ପ୍ରକଳ୍ପ, ସୁକିନ୍ଦା
ମଣ୍ଡଳ ଅଧିକାରୀ
ରେଙ୍ଗାଳୀ ଜଳସେଚନ ପ୍ରକଳ୍ପ, ସୁକିନ୍ଦା
24001/14/0545/1819	32
